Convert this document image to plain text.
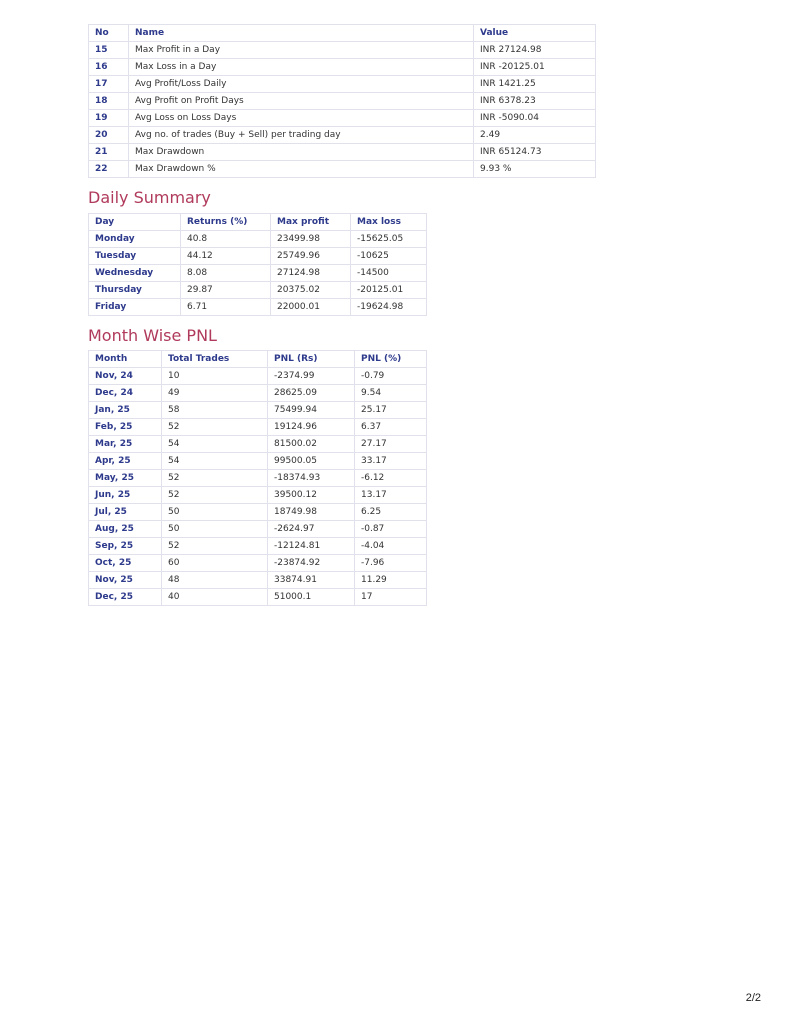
No	Name	Value
15	Max Profit in a Day	INR 27124.98
16	Max Loss in a Day	INR -20125.01
17	Avg Profit/Loss Daily	INR 1421.25
18	Avg Profit on Profit Days	INR 6378.23
19	Avg Loss on Loss Days	INR -5090.04
20	Avg no. of trades (Buy + Sell) per trading day	2.49
21	Max Drawdown	INR 65124.73
22	Max Drawdown %	9.93 %
Daily Summary
Day	Returns (%)	Max profit	Max loss
Monday	40.8	23499.98	-15625.05
Tuesday	44.12	25749.96	-10625
Wednesday	8.08	27124.98	-14500
Thursday	29.87	20375.02	-20125.01
Friday	6.71	22000.01	-19624.98
Month Wise PNL
Month	Total Trades	PNL (Rs)	PNL (%)
Nov, 24	10	-2374.99	-0.79
Dec, 24	49	28625.09	9.54
Jan, 25	58	75499.94	25.17
Feb, 25	52	19124.96	6.37
Mar, 25	54	81500.02	27.17
Apr, 25	54	99500.05	33.17
May, 25	52	-18374.93	-6.12
Jun, 25	52	39500.12	13.17
Jul, 25	50	18749.98	6.25
Aug, 25	50	-2624.97	-0.87
Sep, 25	52	-12124.81	-4.04
Oct, 25	60	-23874.92	-7.96
Nov, 25	48	33874.91	11.29
Dec, 25	40	51000.1	17
2/2
